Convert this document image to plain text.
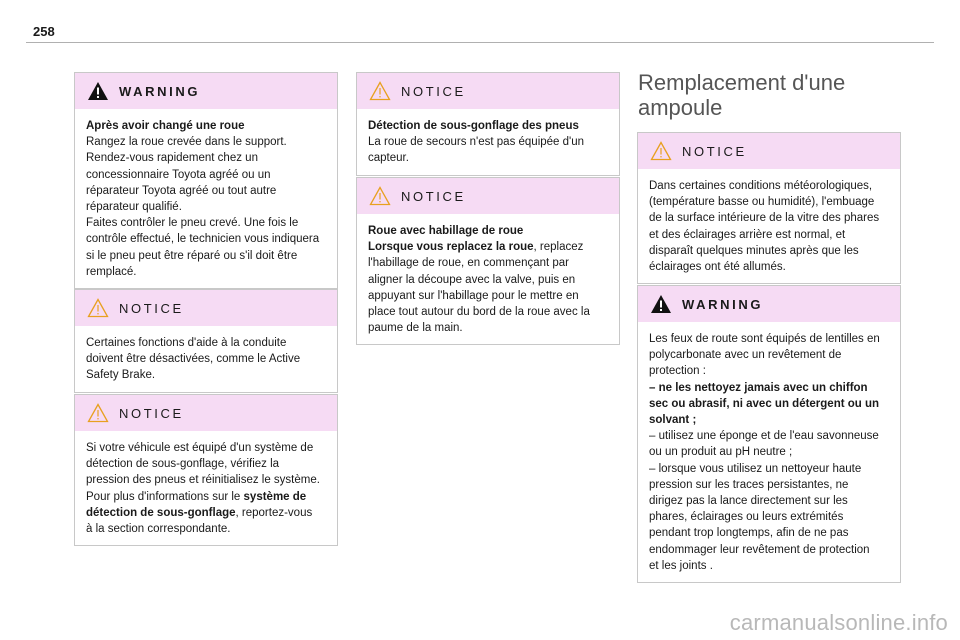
258
WARNING

Après avoir changé une roue

Rangez la roue crevée dans le support.

Rendez-vous rapidement chez un

concessionnaire Toyota agréé ou un

réparateur Toyota agréé ou tout autre

réparateur qualifié.

Faites contrôler le pneu crevé. Une fois le

contrôle effectué, le technicien vous indiquera

si le pneu peut être réparé ou s'il doit être

remplacé.

NOTICE

Certaines fonctions d'aide à la conduite

doivent être désactivées, comme le Active

Safety Brake.

NOTICE

Si votre véhicule est équipé d'un système de

détection de sous-gonflage, vérifiez la

pression des pneus et réinitialisez le système.

Pour plus d'informations sur le système de

détection de sous-gonflage, reportez-vous

à la section correspondante.

NOTICE

Détection de sous-gonflage des pneus

La roue de secours n'est pas équipée d'un

capteur.

NOTICE

Roue avec habillage de roue

Lorsque vous replacez la roue, replacez

l'habillage de roue, en commençant par

aligner la découpe avec la valve, puis en

appuyant sur l'habillage pour le mettre en

place tout autour du bord de la roue avec la

paume de la main.

Remplacement d'une
ampoule
NOTICE

Dans certaines conditions météorologiques,

(température basse ou humidité), l'embuage

de la surface intérieure de la vitre des phares

et des éclairages arrière est normal, et

disparaît quelques minutes après que les

éclairages ont été allumés.

WARNING

Les feux de route sont équipés de lentilles en

polycarbonate avec un revêtement de

protection :

– ne les nettoyez jamais avec un chiffon

sec ou abrasif, ni avec un détergent ou un

solvant ;

– utilisez une éponge et de l'eau savonneuse

ou un produit au pH neutre ;

– lorsque vous utilisez un nettoyeur haute

pression sur les traces persistantes, ne

dirigez pas la lance directement sur les

phares, éclairages ou leurs extrémités

pendant trop longtemps, afin de ne pas

endommager leur revêtement de protection

et les joints .

carmanualsonline.info
